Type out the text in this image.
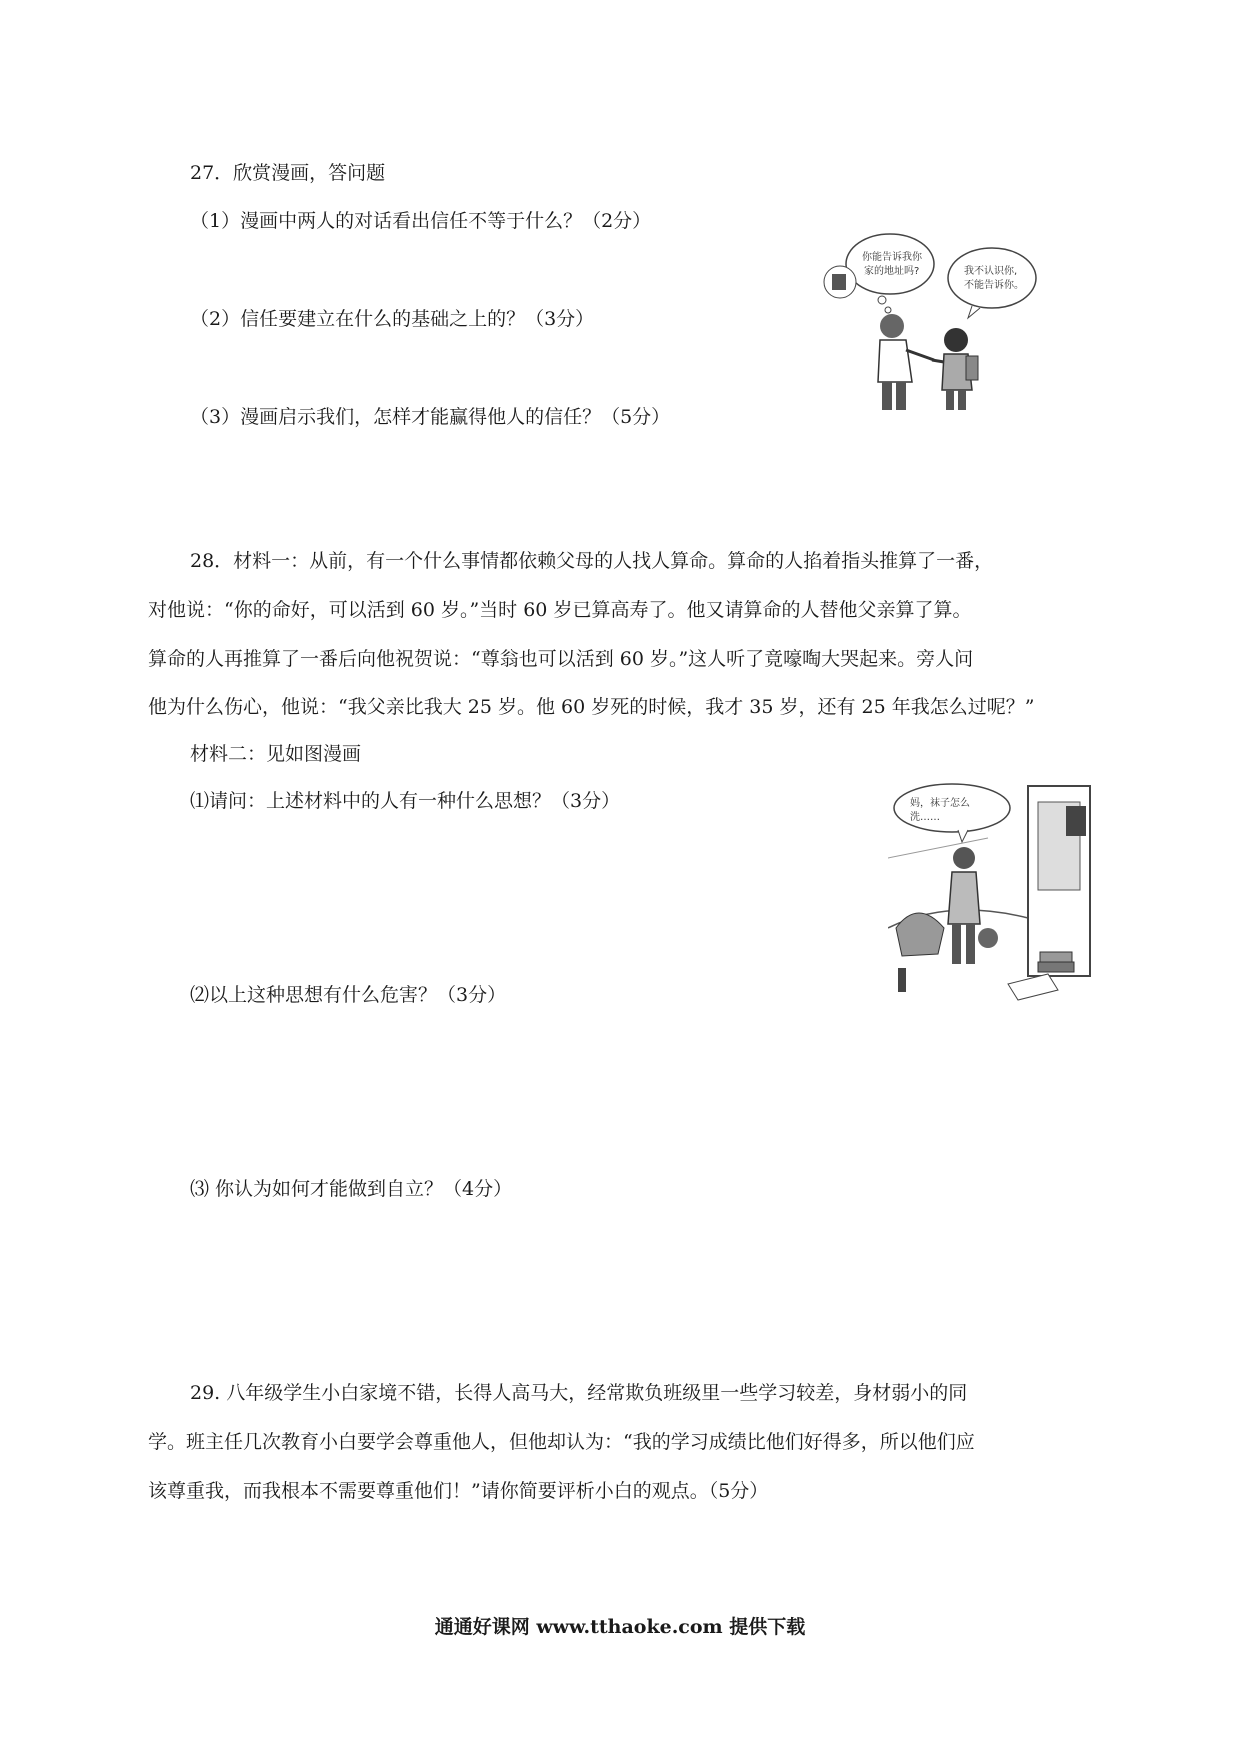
27．欣赏漫画，答问题
（1）漫画中两人的对话看出信任不等于什么？（2分）
（2）信任要建立在什么的基础之上的？（3分）
（3）漫画启示我们，怎样才能赢得他人的信任？（5分）
你能告诉我你
家的地址吗?	我不认识你,
不能告诉你。
28．材料一：从前，有一个什么事情都依赖父母的人找人算命。算命的人掐着指头推算了一番，
对他说：“你的命好，可以活到 60 岁。”当时 60 岁已算高寿了。他又请算命的人替他父亲算了算。
算命的人再推算了一番后向他祝贺说：“尊翁也可以活到 60 岁。”这人听了竟嚎啕大哭起来。旁人问
他为什么伤心，他说：“我父亲比我大 25 岁。他 60 岁死的时候，我才 35 岁，还有 25 年我怎么过呢？”
材料二：见如图漫画
⑴请问：上述材料中的人有一种什么思想？（3分）
⑵以上这种思想有什么危害？（3分）
⑶ 你认为如何才能做到自立？（4分）
妈，袜子怎么
洗……
29. 八年级学生小白家境不错，长得人高马大，经常欺负班级里一些学习较差，身材弱小的同
学。班主任几次教育小白要学会尊重他人，但他却认为：“我的学习成绩比他们好得多，所以他们应
该尊重我，而我根本不需要尊重他们！”请你简要评析小白的观点。（5分）
通通好课网 www.tthaoke.com 提供下载
